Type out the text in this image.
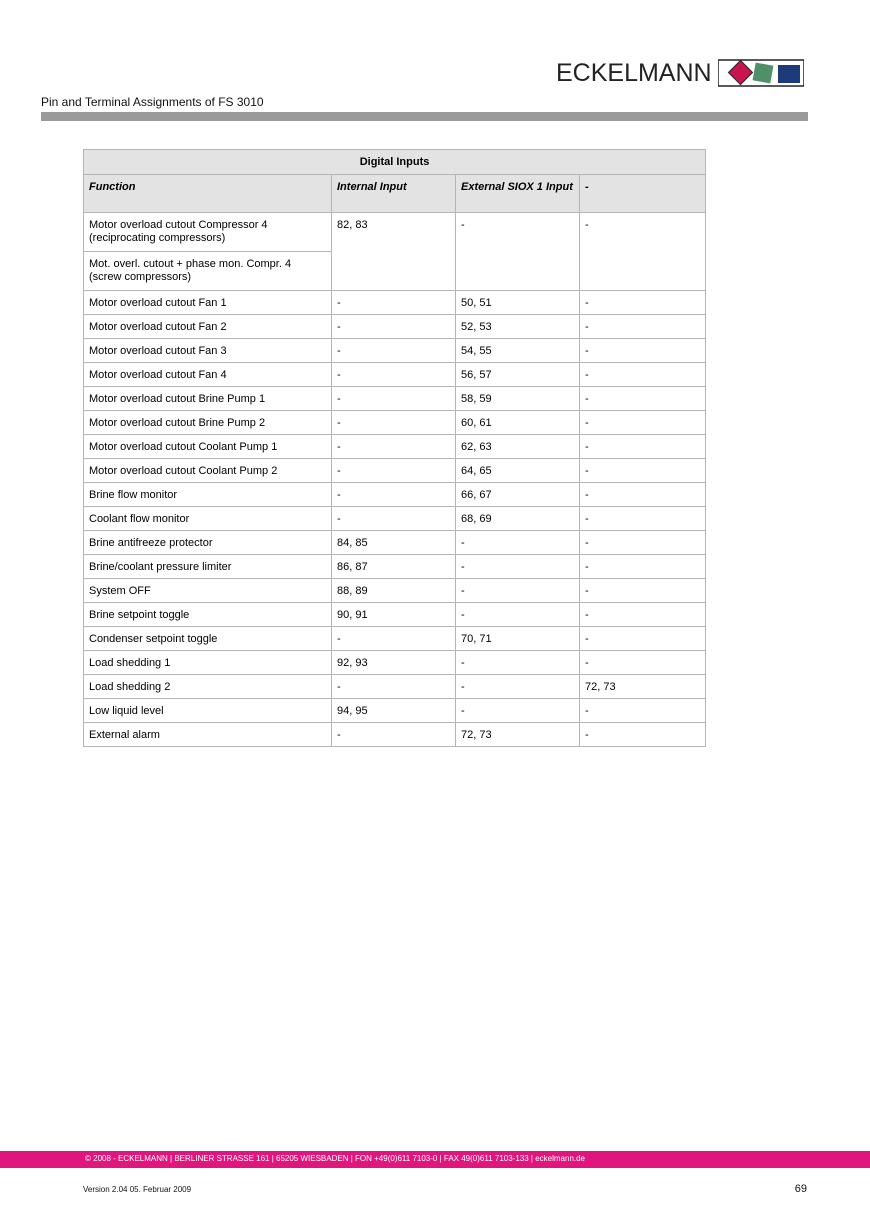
ECKELMANN
Pin and Terminal Assignments of FS 3010
Digital Inputs			
Function	Internal Input	External SIOX 1 Input	-
Motor overload cutout Compressor 4 (reciprocating compressors)	82, 83	-	-
Mot. overl. cutout + phase mon. Compr. 4 (screw compressors)			
Motor overload cutout Fan 1	-	50, 51	-
Motor overload cutout Fan 2	-	52, 53	-
Motor overload cutout Fan 3	-	54, 55	-
Motor overload cutout Fan 4	-	56, 57	-
Motor overload cutout Brine Pump 1	-	58, 59	-
Motor overload cutout Brine Pump 2	-	60, 61	-
Motor overload cutout Coolant Pump 1	-	62, 63	-
Motor overload cutout Coolant Pump 2	-	64, 65	-
Brine flow monitor	-	66, 67	-
Coolant flow monitor	-	68, 69	-
Brine antifreeze protector	84, 85	-	-
Brine/coolant pressure limiter	86, 87	-	-
System OFF	88, 89	-	-
Brine setpoint toggle	90, 91	-	-
Condenser setpoint toggle	-	70, 71	-
Load shedding 1	92, 93	-	-
Load shedding 2	-	-	72, 73
Low liquid level	94, 95	-	-
External alarm	-	72, 73	-
© 2008 - ECKELMANN | BERLINER STRASSE 161 | 65205 WIESBADEN | FON +49(0)611 7103-0 | FAX 49(0)611 7103-133 | eckelmann.de
Version 2.04 05. Februar 2009	69
